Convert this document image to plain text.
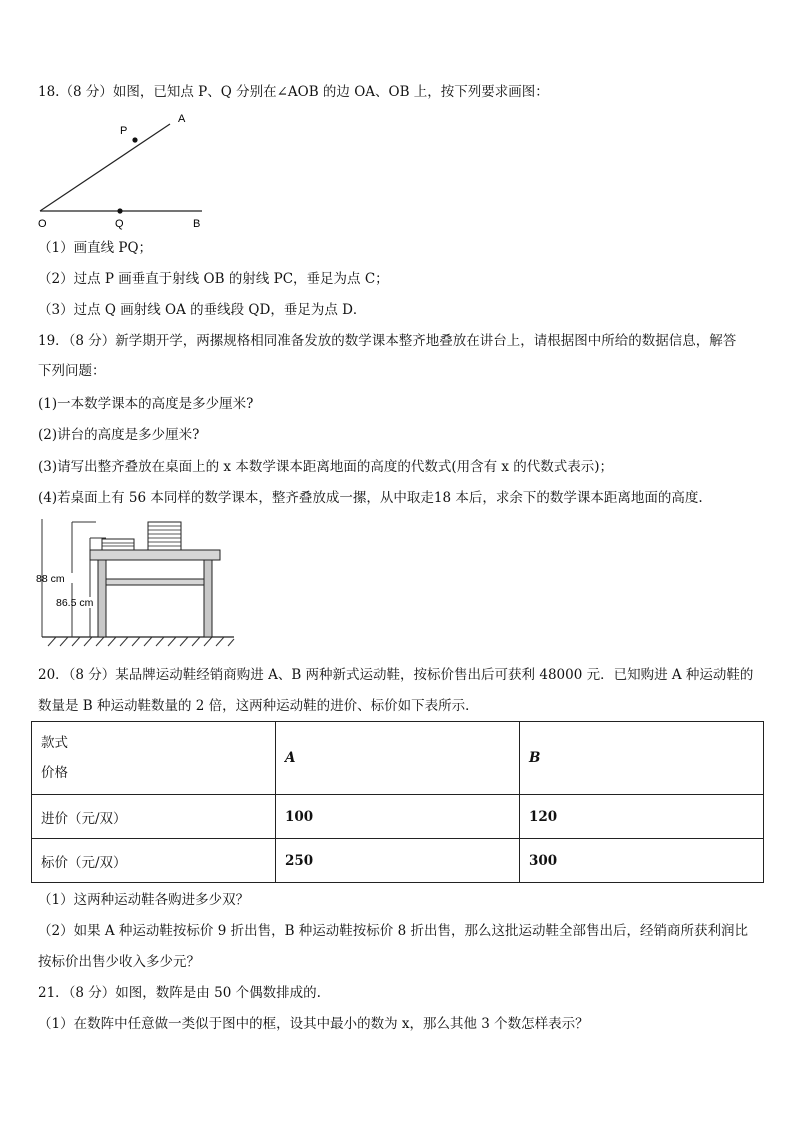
18.（8 分）如图，已知点 P、Q 分别在∠AOB 的边 OA、OB 上，按下列要求画图：
A
P
O	Q	B
（1）画直线 PQ；
（2）过点 P 画垂直于射线 OB 的射线 PC，垂足为点 C；
（3）过点 Q 画射线 OA 的垂线段 QD，垂足为点 D．
19．（8 分）新学期开学，两摞规格相同准备发放的数学课本整齐地叠放在讲台上，请根据图中所给的数据信息，解答
下列问题：
(1)一本数学课本的高度是多少厘米?
(2)讲台的高度是多少厘米?
(3)请写出整齐叠放在桌面上的 x 本数学课本距离地面的高度的代数式(用含有 x 的代数式表示)；
(4)若桌面上有 56 本同样的数学课本，整齐叠放成一摞，从中取走18 本后，求余下的数学课本距离地面的高度.
88 cm
86.5 cm
20．（8 分）某品牌运动鞋经销商购进 A、B 两种新式运动鞋，按标价售出后可获利 48000 元．已知购进 A 种运动鞋的
数量是 B 种运动鞋数量的 2 倍，这两种运动鞋的进价、标价如下表所示．
款式
价格	A	B
进价（元/双）	100	120
标价（元/双）	250	300
（1）这两种运动鞋各购进多少双？
（2）如果 A 种运动鞋按标价 9 折出售，B 种运动鞋按标价 8 折出售，那么这批运动鞋全部售出后，经销商所获利润比
按标价出售少收入多少元？
21．（8 分）如图，数阵是由 50 个偶数排成的.
（1）在数阵中任意做一类似于图中的框，设其中最小的数为 x，那么其他 3 个数怎样表示？
